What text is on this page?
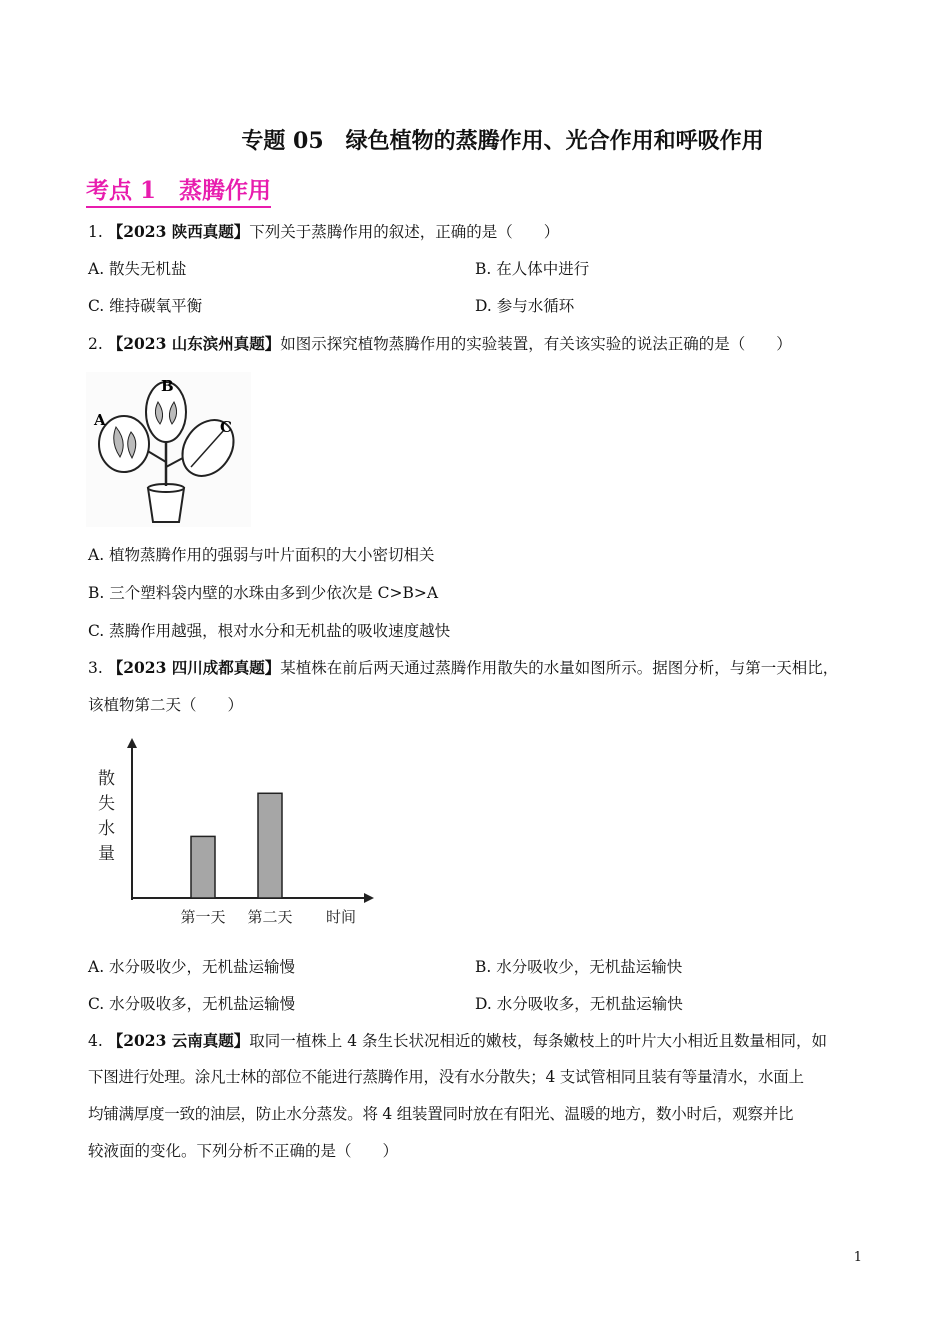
专题 05　绿色植物的蒸腾作用、光合作用和呼吸作用
考点 1　蒸腾作用
1. 【2023 陕西真题】下列关于蒸腾作用的叙述，正确的是（　　）
A. 散失无机盐	B. 在人体中进行
C. 维持碳氧平衡	D. 参与水循环
2. 【2023 山东滨州真题】如图示探究植物蒸腾作用的实验装置，有关该实验的说法正确的是（　　）
A
B
C
A. 植物蒸腾作用的强弱与叶片面积的大小密切相关
B. 三个塑料袋内壁的水珠由多到少依次是 C>B>A
C. 蒸腾作用越强，根对水分和无机盐的吸收速度越快
3. 【2023 四川成都真题】某植株在前后两天通过蒸腾作用散失的水量如图所示。据图分析，与第一天相比，
该植物第二天（　　）
散
失
水
量
第一天 第二天 时间
A. 水分吸收少，无机盐运输慢	B. 水分吸收少，无机盐运输快
C. 水分吸收多，无机盐运输慢	D. 水分吸收多，无机盐运输快
4. 【2023 云南真题】取同一植株上 4 条生长状况相近的嫩枝，每条嫩枝上的叶片大小相近且数量相同，如
下图进行处理。涂凡士林的部位不能进行蒸腾作用，没有水分散失；4 支试管相同且装有等量清水，水面上
均铺满厚度一致的油层，防止水分蒸发。将 4 组装置同时放在有阳光、温暖的地方，数小时后，观察并比
较液面的变化。下列分析不正确的是（　　）
1
